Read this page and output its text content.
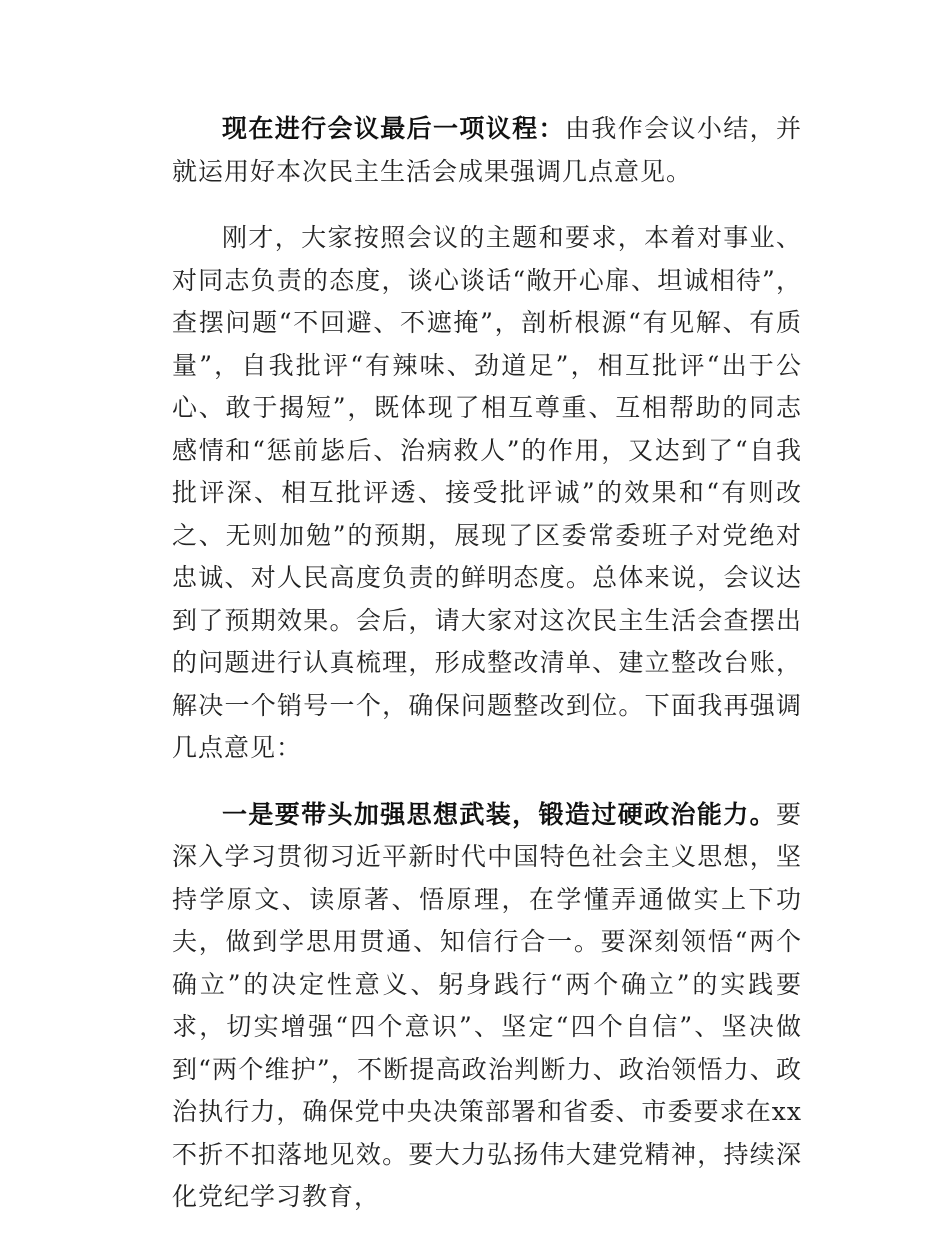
现在进行会议最后一项议程：由我作会议小结，并就运用好本次民主生活会成果强调几点意见。

刚才，大家按照会议的主题和要求，本着对事业、对同志负责的态度，谈心谈话“敞开心扉、坦诚相待”，查摆问题“不回避、不遮掩”，剖析根源“有见解、有质量”，自我批评“有辣味、劲道足”，相互批评“出于公心、敢于揭短”，既体现了相互尊重、互相帮助的同志感情和“惩前毖后、治病救人”的作用，又达到了“自我批评深、相互批评透、接受批评诚”的效果和“有则改之、无则加勉”的预期，展现了区委常委班子对党绝对忠诚、对人民高度负责的鲜明态度。总体来说，会议达到了预期效果。会后，请大家对这次民主生活会查摆出的问题进行认真梳理，形成整改清单、建立整改台账，解决一个销号一个，确保问题整改到位。下面我再强调几点意见：

一是要带头加强思想武装，锻造过硬政治能力。要深入学习贯彻习近平新时代中国特色社会主义思想，坚持学原文、读原著、悟原理，在学懂弄通做实上下功夫，做到学思用贯通、知信行合一。要深刻领悟“两个确立”的决定性意义、躬身践行“两个确立”的实践要求，切实增强“四个意识”、坚定“四个自信”、坚决做到“两个维护”，不断提高政治判断力、政治领悟力、政治执行力，确保党中央决策部署和省委、市委要求在xx不折不扣落地见效。要大力弘扬伟大建党精神，持续深化党纪学习教育，
